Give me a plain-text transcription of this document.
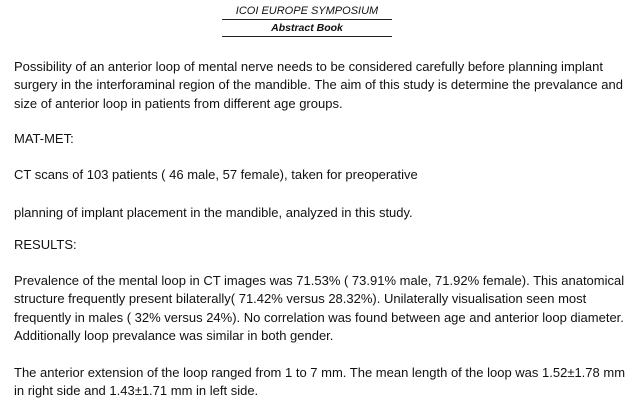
ICOI EUROPE SYMPOSIUM
Abstract Book
Possibility of an anterior loop of mental nerve needs to be considered carefully before planning implant surgery in the interforaminal region of the mandible. The aim of this study is determine the prevalance and size of anterior loop in patients from different age groups.
MAT-MET:
CT scans of 103 patients ( 46 male, 57 female), taken for preoperative
planning of implant placement in the mandible, analyzed in this study.
RESULTS:
Prevalence of the mental loop in CT images was 71.53% ( 73.91% male, 71.92% female). This anatomical structure frequently present bilaterally( 71.42% versus 28.32%). Unilaterally visualisation seen most frequently in males ( 32% versus 24%). No correlation was found between age and anterior loop diameter. Additionally loop prevalance was similar in both gender.
The anterior extension of the loop ranged from 1 to 7 mm. The mean length of the loop was 1.52±1.78 mm in right side and 1.43±1.71 mm in left side.
